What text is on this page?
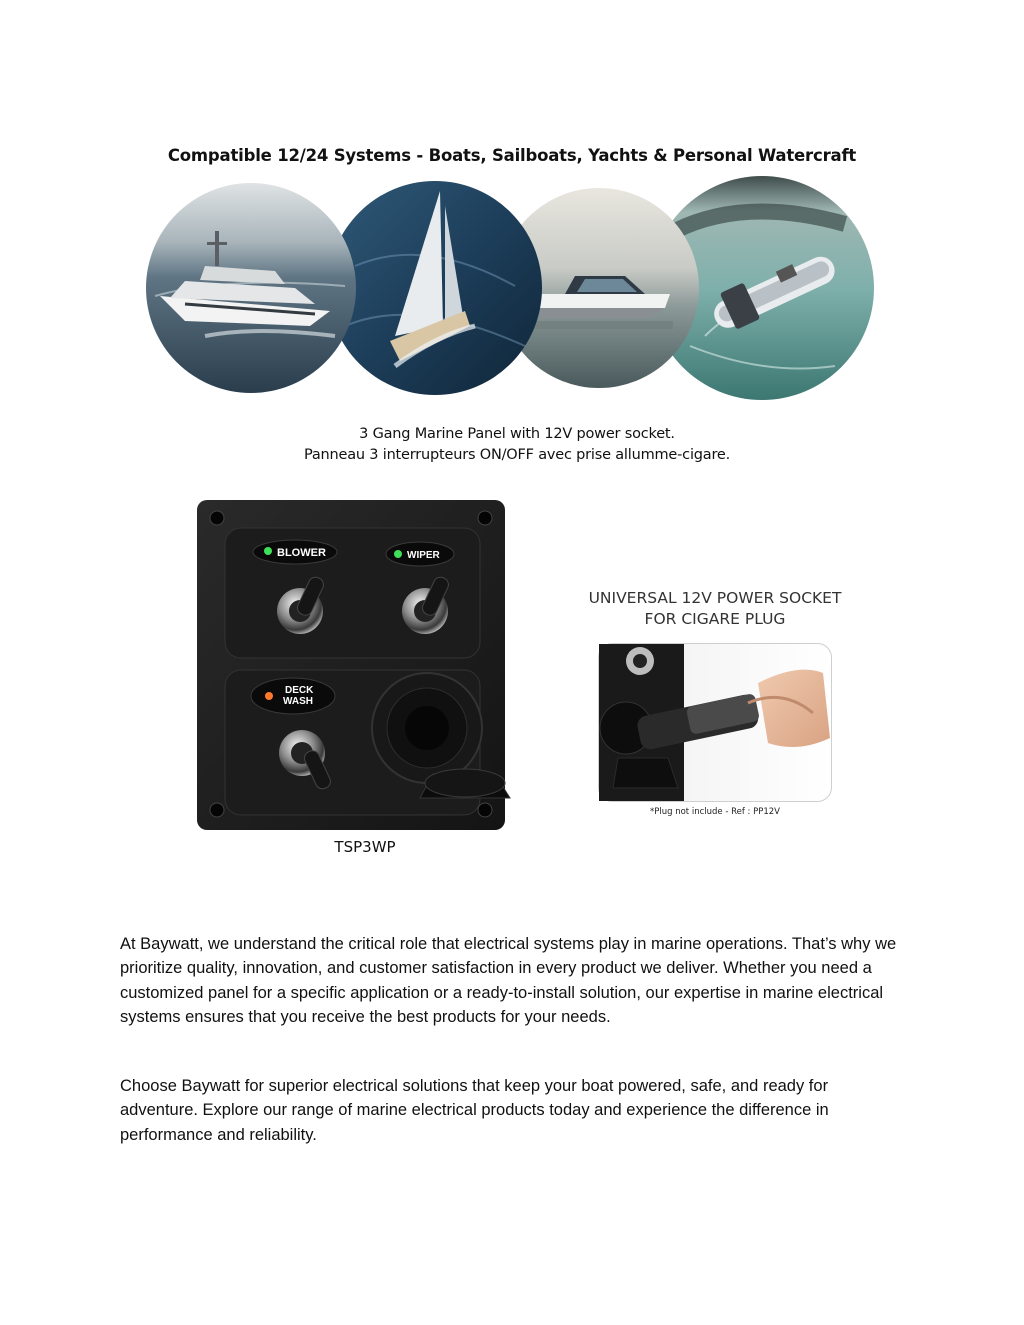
Compatible 12/24 Systems - Boats, Sailboats, Yachts & Personal Watercraft
3 Gang Marine Panel with 12V power socket.
Panneau 3 interrupteurs ON/OFF avec prise allumme-cigare.
BLOWER	WIPER
DECK
WASH
TSP3WP
UNIVERSAL 12V POWER SOCKET
FOR CIGARE PLUG
*Plug not include - Ref : PP12V

At Baywatt, we understand the critical role that electrical systems play in marine operations. That’s why we prioritize quality, innovation, and customer satisfaction in every product we deliver. Whether you need a customized panel for a specific application or a ready-to-install solution, our expertise in marine electrical systems ensures that you receive the best products for your needs.

Choose Baywatt for superior electrical solutions that keep your boat powered, safe, and ready for adventure. Explore our range of marine electrical products today and experience the difference in performance and reliability.
